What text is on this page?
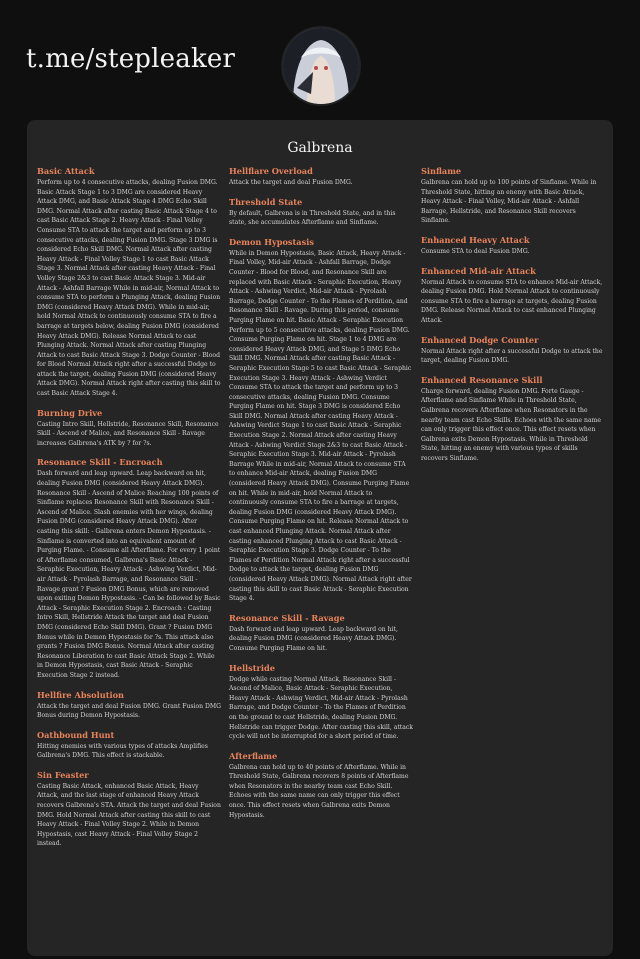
t.me/stepleaker
Galbrena
Basic Attack

Perform up to 4 consecutive attacks, dealing Fusion DMG. Basic Attack Stage 1 to 3 DMG are considered Heavy Attack DMG, and Basic Attack Stage 4 DMG Echo Skill DMG. Normal Attack after casting Basic Attack Stage 4 to cast Basic Attack Stage 2. Heavy Attack - Final Volley Consume STA to attack the target and perform up to 3 consecutive attacks, dealing Fusion DMG. Stage 3 DMG is considered Echo Skill DMG. Normal Attack after casting Heavy Attack - Final Volley Stage 1 to cast Basic Attack Stage 3. Normal Attack after casting Heavy Attack - Final Volley Stage 2&3 to cast Basic Attack Stage 3. Mid-air Attack - Ashfall Barrage While in mid-air, Normal Attack to consume STA to perform a Plunging Attack, dealing Fusion DMG (considered Heavy Attack DMG). While in mid-air, hold Normal Attack to continuously consume STA to fire a barrage at targets below, dealing Fusion DMG (considered Heavy Attack DMG). Release Normal Attack to cast Plunging Attack. Normal Attack after casting Plunging Attack to cast Basic Attack Stage 3. Dodge Counter - Blood for Blood Normal Attack right after a successful Dodge to attack the target, dealing Fusion DMG (considered Heavy Attack DMG). Normal Attack right after casting this skill to cast Basic Attack Stage 4.

Burning Drive

Casting Intro Skill, Hellstride, Resonance Skill, Resonance Skill - Ascend of Malice, and Resonance Skill - Ravage increases Galbrena's ATK by ? for ?s.

Resonance Skill - Encroach

Dash forward and leap upward. Leap backward on hit, dealing Fusion DMG (considered Heavy Attack DMG). Resonance Skill - Ascend of Malice Reaching 100 points of Sinflame replaces Resonance Skill with Resonance Skill - Ascend of Malice. Slash enemies with her wings, dealing Fusion DMG (considered Heavy Attack DMG). After casting this skill: - Galbrena enters Demon Hypostasis. - Sinflame is converted into an equivalent amount of Purging Flame. - Consume all Afterflame. For every 1 point of Afterflame consumed, Galbrena's Basic Attack - Seraphic Execution, Heavy Attack - Ashwing Verdict, Mid-air Attack - Pyrolash Barrage, and Resonance Skill - Ravage grant ? Fusion DMG Bonus, which are removed upon exiting Demon Hypostasis. - Can be followed by Basic Attack - Seraphic Execution Stage 2. Encroach : Casting Intro Skill, Hellstride Attack the target and deal Fusion DMG (considered Echo Skill DMG). Grant ? Fusion DMG Bonus while in Demon Hypostasis for ?s. This attack also grants ? Fusion DMG Bonus. Normal Attack after casting Resonance Liberation to cast Basic Attack Stage 2. While in Demon Hypostasis, cast Basic Attack - Seraphic Execution Stage 2 instead.

Hellfire Absolution

Attack the target and deal Fusion DMG. Grant Fusion DMG Bonus during Demon Hypostasis.

Oathbound Hunt

Hitting enemies with various types of attacks Amplifies Galbrena's DMG. This effect is stackable.

Sin Feaster

Casting Basic Attack, enhanced Basic Attack, Heavy Attack, and the last stage of enhanced Heavy Attack recovers Galbrena's STA. Attack the target and deal Fusion DMG. Hold Normal Attack after casting this skill to cast Heavy Attack - Final Volley Stage 2. While in Demon Hypostasis, cast Heavy Attack - Final Volley Stage 2 instead.

Hellflare Overload

Attack the target and deal Fusion DMG.

Threshold State

By default, Galbrena is in Threshold State, and in this state, she accumulates Afterflame and Sinflame.

Demon Hypostasis

While in Demon Hypostasis, Basic Attack, Heavy Attack - Final Volley, Mid-air Attack - Ashfall Barrage, Dodge Counter - Blood for Blood, and Resonance Skill are replaced with Basic Attack - Seraphic Execution, Heavy Attack - Ashwing Verdict, Mid-air Attack - Pyrolash Barrage, Dodge Counter - To the Flames of Perdition, and Resonance Skill - Ravage. During this period, consume Purging Flame on hit. Basic Attack - Seraphic Execution Perform up to 5 consecutive attacks, dealing Fusion DMG. Consume Purging Flame on hit. Stage 1 to 4 DMG are considered Heavy Attack DMG, and Stage 5 DMG Echo Skill DMG. Normal Attack after casting Basic Attack - Seraphic Execution Stage 5 to cast Basic Attack - Seraphic Execution Stage 3. Heavy Attack - Ashwing Verdict Consume STA to attack the target and perform up to 3 consecutive attacks, dealing Fusion DMG. Consume Purging Flame on hit. Stage 3 DMG is considered Echo Skill DMG. Normal Attack after casting Heavy Attack - Ashwing Verdict Stage 1 to cast Basic Attack - Seraphic Execution Stage 2. Normal Attack after casting Heavy Attack - Ashwing Verdict Stage 2&3 to cast Basic Attack - Seraphic Execution Stage 3. Mid-air Attack - Pyrolash Barrage While in mid-air, Normal Attack to consume STA to enhance Mid-air Attack, dealing Fusion DMG (considered Heavy Attack DMG). Consume Purging Flame on hit. While in mid-air, hold Normal Attack to continuously consume STA to fire a barrage at targets, dealing Fusion DMG (considered Heavy Attack DMG). Consume Purging Flame on hit. Release Normal Attack to cast enhanced Plunging Attack. Normal Attack after casting enhanced Plunging Attack to cast Basic Attack - Seraphic Execution Stage 3. Dodge Counter - To the Flames of Perdition Normal Attack right after a successful Dodge to attack the target, dealing Fusion DMG (considered Heavy Attack DMG). Normal Attack right after casting this skill to cast Basic Attack - Seraphic Execution Stage 4.

Resonance Skill - Ravage

Dash forward and leap upward. Leap backward on hit, dealing Fusion DMG (considered Heavy Attack DMG). Consume Purging Flame on hit.

Hellstride

Dodge while casting Normal Attack, Resonance Skill - Ascend of Malice, Basic Attack - Seraphic Execution, Heavy Attack - Ashwing Verdict, Mid-air Attack - Pyrolash Barrage, and Dodge Counter - To the Flames of Perdition on the ground to cast Hellstride, dealing Fusion DMG. Hellstride can trigger Dodge. After casting this skill, attack cycle will not be interrupted for a short period of time.

Afterflame

Galbrena can hold up to 40 points of Afterflame. While in Threshold State, Galbrena recovers 8 points of Afterflame when Resonators in the nearby team cast Echo Skill. Echoes with the same name can only trigger this effect once. This effect resets when Galbrena exits Demon Hypostasis.

Sinflame

Galbrena can hold up to 100 points of Sinflame. While in Threshold State, hitting an enemy with Basic Attack, Heavy Attack - Final Volley, Mid-air Attack - Ashfall Barrage, Hellstride, and Resonance Skill recovers Sinflame.

Enhanced Heavy Attack

Consume STA to deal Fusion DMG.

Enhanced Mid-air Attack

Normal Attack to consume STA to enhance Mid-air Attack, dealing Fusion DMG. Hold Normal Attack to continuously consume STA to fire a barrage at targets, dealing Fusion DMG. Release Normal Attack to cast enhanced Plunging Attack.

Enhanced Dodge Counter

Normal Attack right after a successful Dodge to attack the target, dealing Fusion DMG.

Enhanced Resonance Skill

Charge forward, dealing Fusion DMG. Forte Gauge - Afterflame and Sinflame While in Threshold State, Galbrena recovers Afterflame when Resonators in the nearby team cast Echo Skills. Echoes with the same name can only trigger this effect once. This effect resets when Galbrena exits Demon Hypostasis. While in Threshold State, hitting an enemy with various types of skills recovers Sinflame.
